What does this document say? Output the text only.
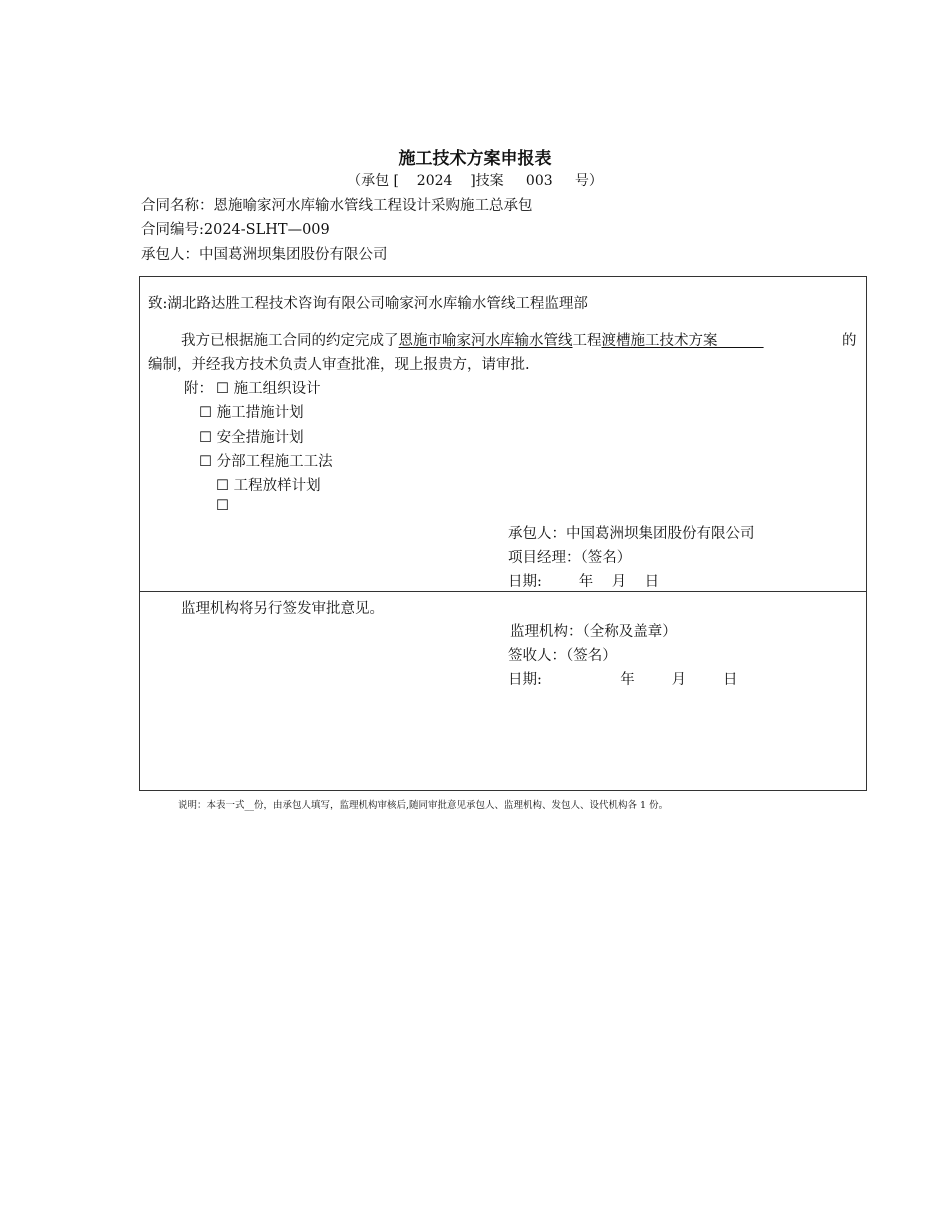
施工技术方案申报表
（承包 [    2024    ]技案     003     号）
合同名称：恩施喻家河水库输水管线工程设计采购施工总承包
合同编号:2024-SLHT—009
承包人：中国葛洲坝集团股份有限公司
致:湖北路达胜工程技术咨询有限公司喻家河水库输水管线工程监理部
我方已根据施工合同的约定完成了恩施市喻家河水库输水管线工程渡槽施工技术方案	的
编制，并经我方技术负责人审查批准，现上报贵方，请审批.
附： ☐ 施工组织设计
☐ 施工措施计划
☐ 安全措施计划
☐ 分部工程施工工法
☐ 工程放样计划
☐
承包人：中国葛洲坝集团股份有限公司
项目经理：（签名）
日期:        年    月    日
监理机构将另行签发审批意见。
监理机构：（全称及盖章）
签收人：（签名）
日期:                 年        月        日
说明：本表一式__份，由承包人填写，监理机构审核后,随同审批意见承包人、监理机构、发包人、设代机构各 1 份。
